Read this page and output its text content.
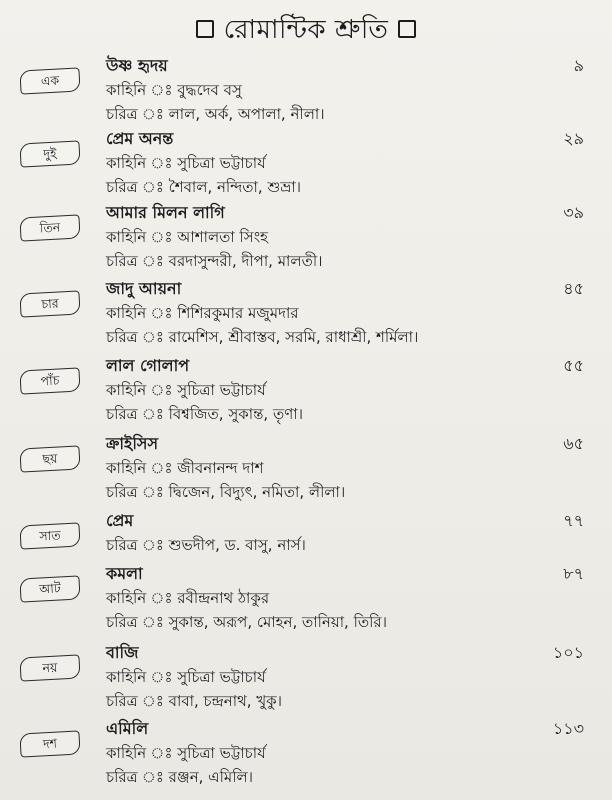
রোমান্টিক শ্রুতি
এক
উষ্ণ হৃদয়	৯
কাহিনি ঃ বুদ্ধদেব বসু
চরিত্র ঃ লাল, অর্ক, অপালা, নীলা।
দুই
প্রেম অনন্ত	২৯
কাহিনি ঃ সুচিত্রা ভট্টাচার্য
চরিত্র ঃ শৈবাল, নন্দিতা, শুভ্রা।
তিন
আমার মিলন লাগি	৩৯
কাহিনি ঃ আশালতা সিংহ
চরিত্র ঃ বরদাসুন্দরী, দীপা, মালতী।
চার
জাদু আয়না	৪৫
কাহিনি ঃ শিশিরকুমার মজুমদার
চরিত্র ঃ রামেশিস, শ্রীবাস্তব, সরমি, রাধাশ্রী, শর্মিলা।
পাঁচ
লাল গোলাপ	৫৫
কাহিনি ঃ সুচিত্রা ভট্টাচার্য
চরিত্র ঃ বিশ্বজিত, সুকান্ত, তৃণা।
ছয়
ক্রাইসিস	৬৫
কাহিনি ঃ জীবনানন্দ দাশ
চরিত্র ঃ দ্বিজেন, বিদ্যুৎ, নমিতা, লীলা।
সাত
প্রেম	৭৭
চরিত্র ঃ শুভদীপ, ড. বাসু, নার্স।
আট
কমলা	৮৭
কাহিনি ঃ রবীন্দ্রনাথ ঠাকুর
চরিত্র ঃ সুকান্ত, অরূপ, মোহন, তানিয়া, তিরি।
নয়
বাজি	১০১
কাহিনি ঃ সুচিত্রা ভট্টাচার্য
চরিত্র ঃ বাবা, চন্দ্রনাথ, খুকু।
দশ
এমিলি	১১৩
কাহিনি ঃ সুচিত্রা ভট্টাচার্য
চরিত্র ঃ রঞ্জন, এমিলি।
